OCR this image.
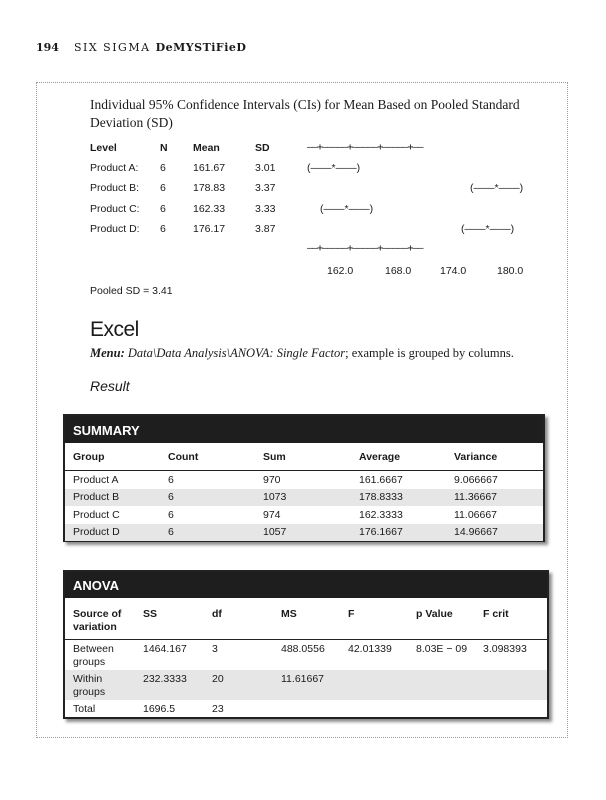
194 SIX SIGMA DeMYSTiFieD
Individual 95% Confidence Intervals (CIs) for Mean Based on Pooled Standard Deviation (SD)
Level	N Mean	SD	——+—————+—————+—————+——
Product A: 6	161.67	3.01	(——*——)
Product B: 6	178.83	3.37	(——*——)
Product C: 6	162.33	3.33	(——*——)
Product D: 6	176.17	3.87	(——*——)
——+—————+—————+—————+——
162.0	168.0	174.0	180.0
Pooled SD = 3.41
Excel
Menu: Data\Data Analysis\ANOVA: Single Factor; example is grouped by columns.
Result
SUMMARY
Group	Count	Sum	Average	Variance
Product A	6	970	161.6667	9.066667
Product B	6	1073	178.8333	11.36667
Product C	6	974	162.3333	11.06667
Product D	6	1057	176.1667	14.96667
ANOVA
Source of variation	SS	df	MS	F	p Value	F crit
Between groups	1464.167	3	488.0556	42.01339	8.03E − 09	3.098393
Within groups	232.3333	20	11.61667			
Total	1696.5	23				
